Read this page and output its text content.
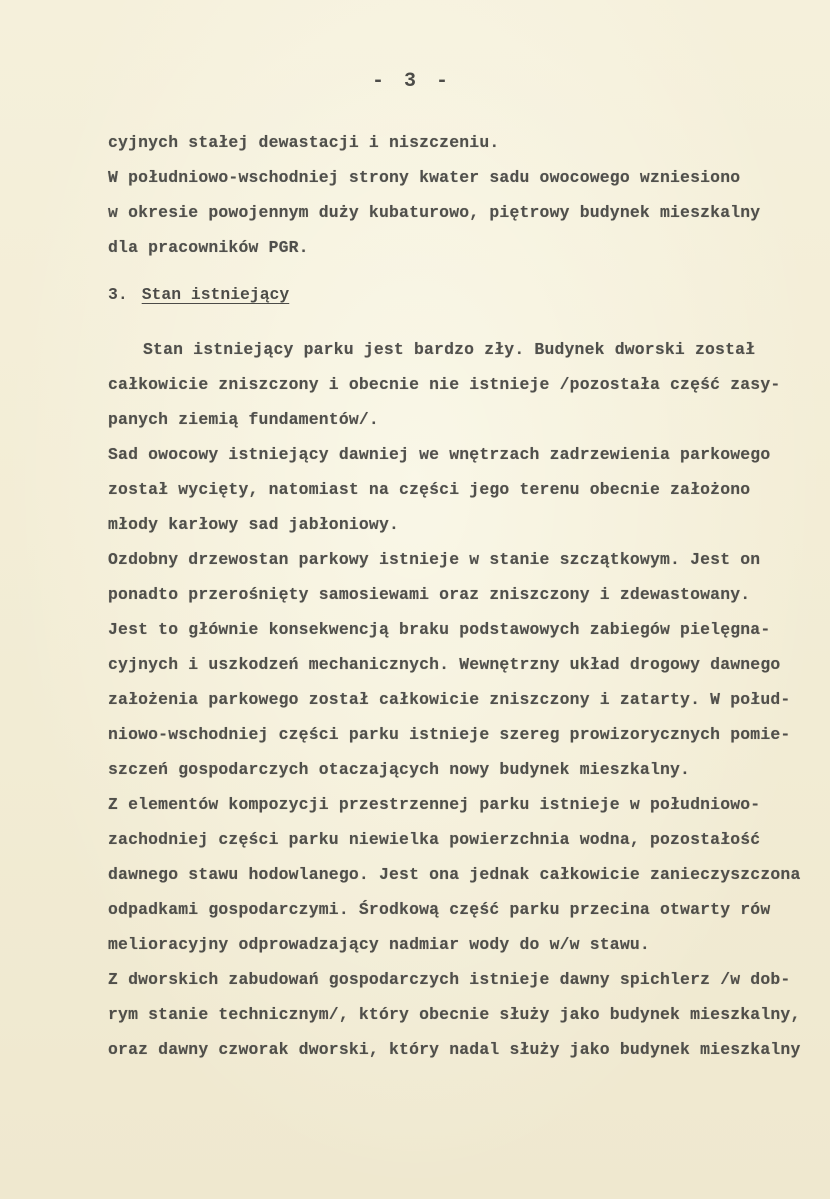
- 3 -
cyjnych stałej dewastacji i niszczeniu.
W południowo-wschodniej strony kwater sadu owocowego wzniesiono
w okresie powojennym duży kubaturowo, piętrowy budynek mieszkalny
dla pracowników PGR.
3. Stan istniejący
Stan istniejący parku jest bardzo zły. Budynek dworski został
całkowicie zniszczony i obecnie nie istnieje /pozostała część zasy-
panych ziemią fundamentów/.
Sad owocowy istniejący dawniej we wnętrzach zadrzewienia parkowego
został wycięty, natomiast na części jego terenu obecnie założono
młody karłowy sad jabłoniowy.
Ozdobny drzewostan parkowy istnieje w stanie szczątkowym. Jest on
ponadto przerośnięty samosiewami oraz zniszczony i zdewastowany.
Jest to głównie konsekwencją braku podstawowych zabiegów pielęgna-
cyjnych i uszkodzeń mechanicznych. Wewnętrzny układ drogowy dawnego
założenia parkowego został całkowicie zniszczony i zatarty. W połud-
niowo-wschodniej części parku istnieje szereg prowizorycznych pomie-
szczeń gospodarczych otaczających nowy budynek mieszkalny.
Z elementów kompozycji przestrzennej parku istnieje w południowo-
zachodniej części parku niewielka powierzchnia wodna, pozostałość
dawnego stawu hodowlanego. Jest ona jednak całkowicie zanieczyszczona
odpadkami gospodarczymi. Środkową część parku przecina otwarty rów
melioracyjny odprowadzający nadmiar wody do w/w stawu.
Z dworskich zabudowań gospodarczych istnieje dawny spichlerz /w dob-
rym stanie technicznym/, który obecnie służy jako budynek mieszkalny,
oraz dawny czworak dworski, który nadal służy jako budynek mieszkalny
